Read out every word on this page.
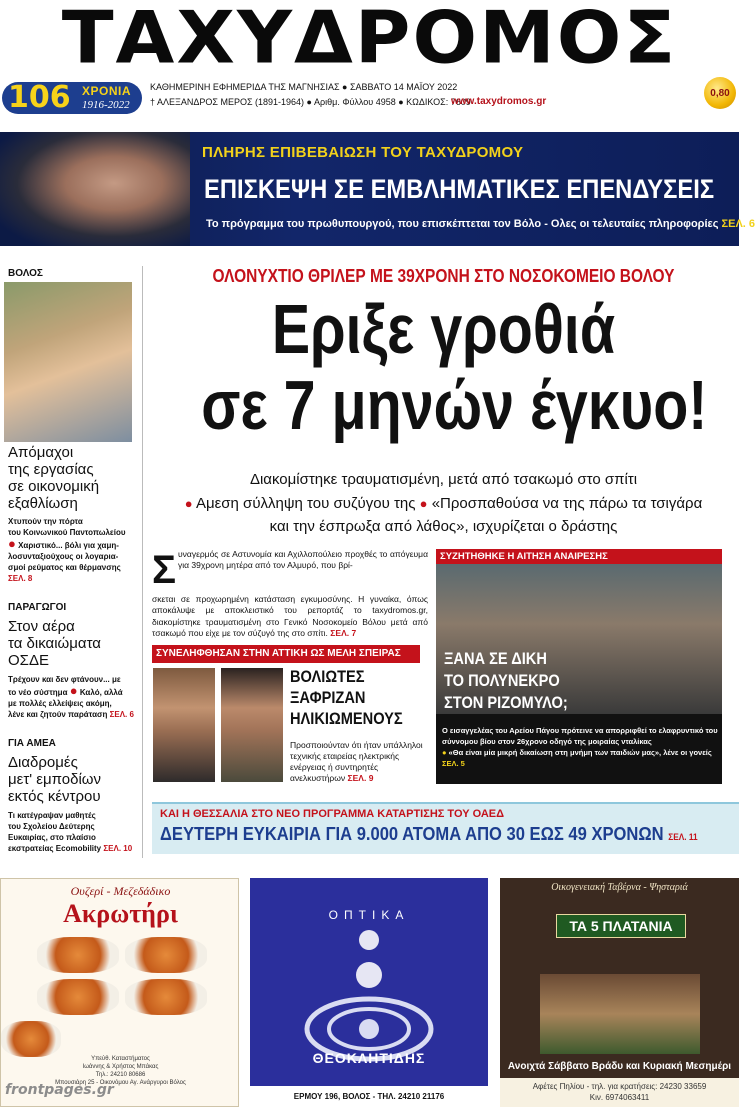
ΤΑΧΥΔΡΟΜΟΣ
106 ΧΡΟΝΙΑ
1916-2022
ΚΑΘΗΜΕΡΙΝΗ ΕΦΗΜΕΡΙΔΑ ΤΗΣ ΜΑΓΝΗΣΙΑΣ ● ΣΑΒΒΑΤΟ 14 ΜΑΪΟΥ 2022
† ΑΛΕΞΑΝΔΡΟΣ ΜΕΡΟΣ (1891-1964) ● Αριθμ. Φύλλου 4958 ● ΚΩΔΙΚΟΣ: 7609
www.taxydromos.gr
0,80
ΠΛΗΡΗΣ ΕΠΙΒΕΒΑΙΩΣΗ ΤΟΥ ΤΑΧΥΔΡΟΜΟΥ
ΕΠΙΣΚΕΨΗ ΣΕ ΕΜΒΛΗΜΑΤΙΚΕΣ ΕΠΕΝΔΥΣΕΙΣ
Το πρόγραμμα του πρωθυπουργού, που επισκέπτεται τον Βόλο - Ολες οι τελευταίες πληροφορίες ΣΕΛ. 6
ΒΟΛΟΣ
Απόμαχοι
της εργασίας
σε οικονομική
εξαθλίωση
Χτυπούν την πόρτα
του Κοινωνικού Παντοπωλείου
● Χαριστικό... βόλι για χαμη-
λοσυνταξιούχους οι λογαρια-
σμοί ρεύματος και θέρμανσης
ΣΕΛ. 8
ΠΑΡΑΓΩΓΟΙ
Στον αέρα
τα δικαιώματα
ΟΣΔΕ
Τρέχουν και δεν φτάνουν... με
το νέο σύστημα ● Καλό, αλλά
με πολλές ελλείψεις ακόμη,
λένε και ζητούν παράταση ΣΕΛ. 6
ΓΙΑ ΑΜΕΑ
Διαδρομές
μετ' εμποδίων
εκτός κέντρου
Τι κατέγραψαν μαθητές
του Σχολείου Δεύτερης
Ευκαιρίας, στο πλαίσιο
εκστρατείας Ecomobility ΣΕΛ. 10
ΟΛΟΝΥΧΤΙΟ ΘΡΙΛΕΡ ΜΕ 39ΧΡΟΝΗ ΣΤΟ ΝΟΣΟΚΟΜΕΙΟ ΒΟΛΟΥ
Εριξε γροθιά
σε 7 μηνών έγκυο!
Διακομίστηκε τραυματισμένη, μετά από τσακωμό στο σπίτι
● Αμεση σύλληψη του συζύγου της ● «Προσπαθούσα να της πάρω τα τσιγάρα
και την έσπρωξα από λάθος», ισχυρίζεται ο δράστης
Σ υναγερμός σε Αστυνομία και Αχιλλοπούλειο προχθές το απόγευμα για 39χρονη μητέρα από τον Αλμυρό, που βρί-
σκεται σε προχωρημένη κατάσταση εγκυμοσύνης. Η γυναίκα, όπως αποκάλυψε με αποκλειστικό του ρεπορτάζ το taxydromos.gr, διακομίστηκε τραυματισμένη στο Γενικό Νοσοκομείο Βόλου μετά από τσακωμό που είχε με τον σύζυγό της στο σπίτι. ΣΕΛ. 7
ΣΥΝΕΛΗΦΘΗΣΑΝ ΣΤΗΝ ΑΤΤΙΚΗ ΩΣ ΜΕΛΗ ΣΠΕΙΡΑΣ
ΒΟΛΙΩΤΕΣ
ΞΑΦΡΙΖΑΝ
ΗΛΙΚΙΩΜΕΝΟΥΣ
Προσποιούνταν ότι ήταν υπάλληλοι τεχνικής εταιρείας ηλεκτρικής ενέργειας ή συντηρητές ανελκυστήρων ΣΕΛ. 9
ΣΥΖΗΤΗΘΗΚΕ Η ΑΙΤΗΣΗ ΑΝΑΙΡΕΣΗΣ
ΞΑΝΑ ΣΕ ΔΙΚΗ
ΤΟ ΠΟΛΥΝΕΚΡΟ
ΣΤΟΝ ΡΙΖΟΜΥΛΟ;
Ο εισαγγελέας του Αρείου Πάγου πρότεινε να απορριφθεί το ελαφρυντικό του σύννομου βίου στον 26χρονο οδηγό της μοιραίας νταλίκας
● «Θα είναι μία μικρή δικαίωση στη μνήμη των παιδιών μας», λένε οι γονείς
ΣΕΛ. 5
ΚΑΙ Η ΘΕΣΣΑΛΙΑ ΣΤΟ ΝΕΟ ΠΡΟΓΡΑΜΜΑ ΚΑΤΑΡΤΙΣΗΣ ΤΟΥ ΟΑΕΔ
ΔΕΥΤΕΡΗ ΕΥΚΑΙΡΙΑ ΓΙΑ 9.000 ΑΤΟΜΑ ΑΠΟ 30 ΕΩΣ 49 ΧΡΟΝΩΝ ΣΕΛ. 11
Ουζερί - Μεζεδάδικο
Ακρωτήρι
Υπεύθ. Καταστήματος
Ιωάννης & Χρήστος Μπάκας
Τηλ.: 24210 80686
Μπουσιάρη 25 - Οικονόμου Αγ. Ανάργυροι Βόλος
frontpages.gr
ΟΠΤΙΚΑ
ΘΕΟΚΛΗΤΙΔΗΣ
ΕΡΜΟΥ 196, ΒΟΛΟΣ - ΤΗΛ. 24210 21176
Οικογενειακή Ταβέρνα - Ψησταριά
ΤΑ 5 ΠΛΑΤΑΝΙΑ
Ανοιχτά Σάββατο Βράδυ και Κυριακή Μεσημέρι
Αφέτες Πηλίου - τηλ. για κρατήσεις: 24230 33659
Κιν. 6974063411
